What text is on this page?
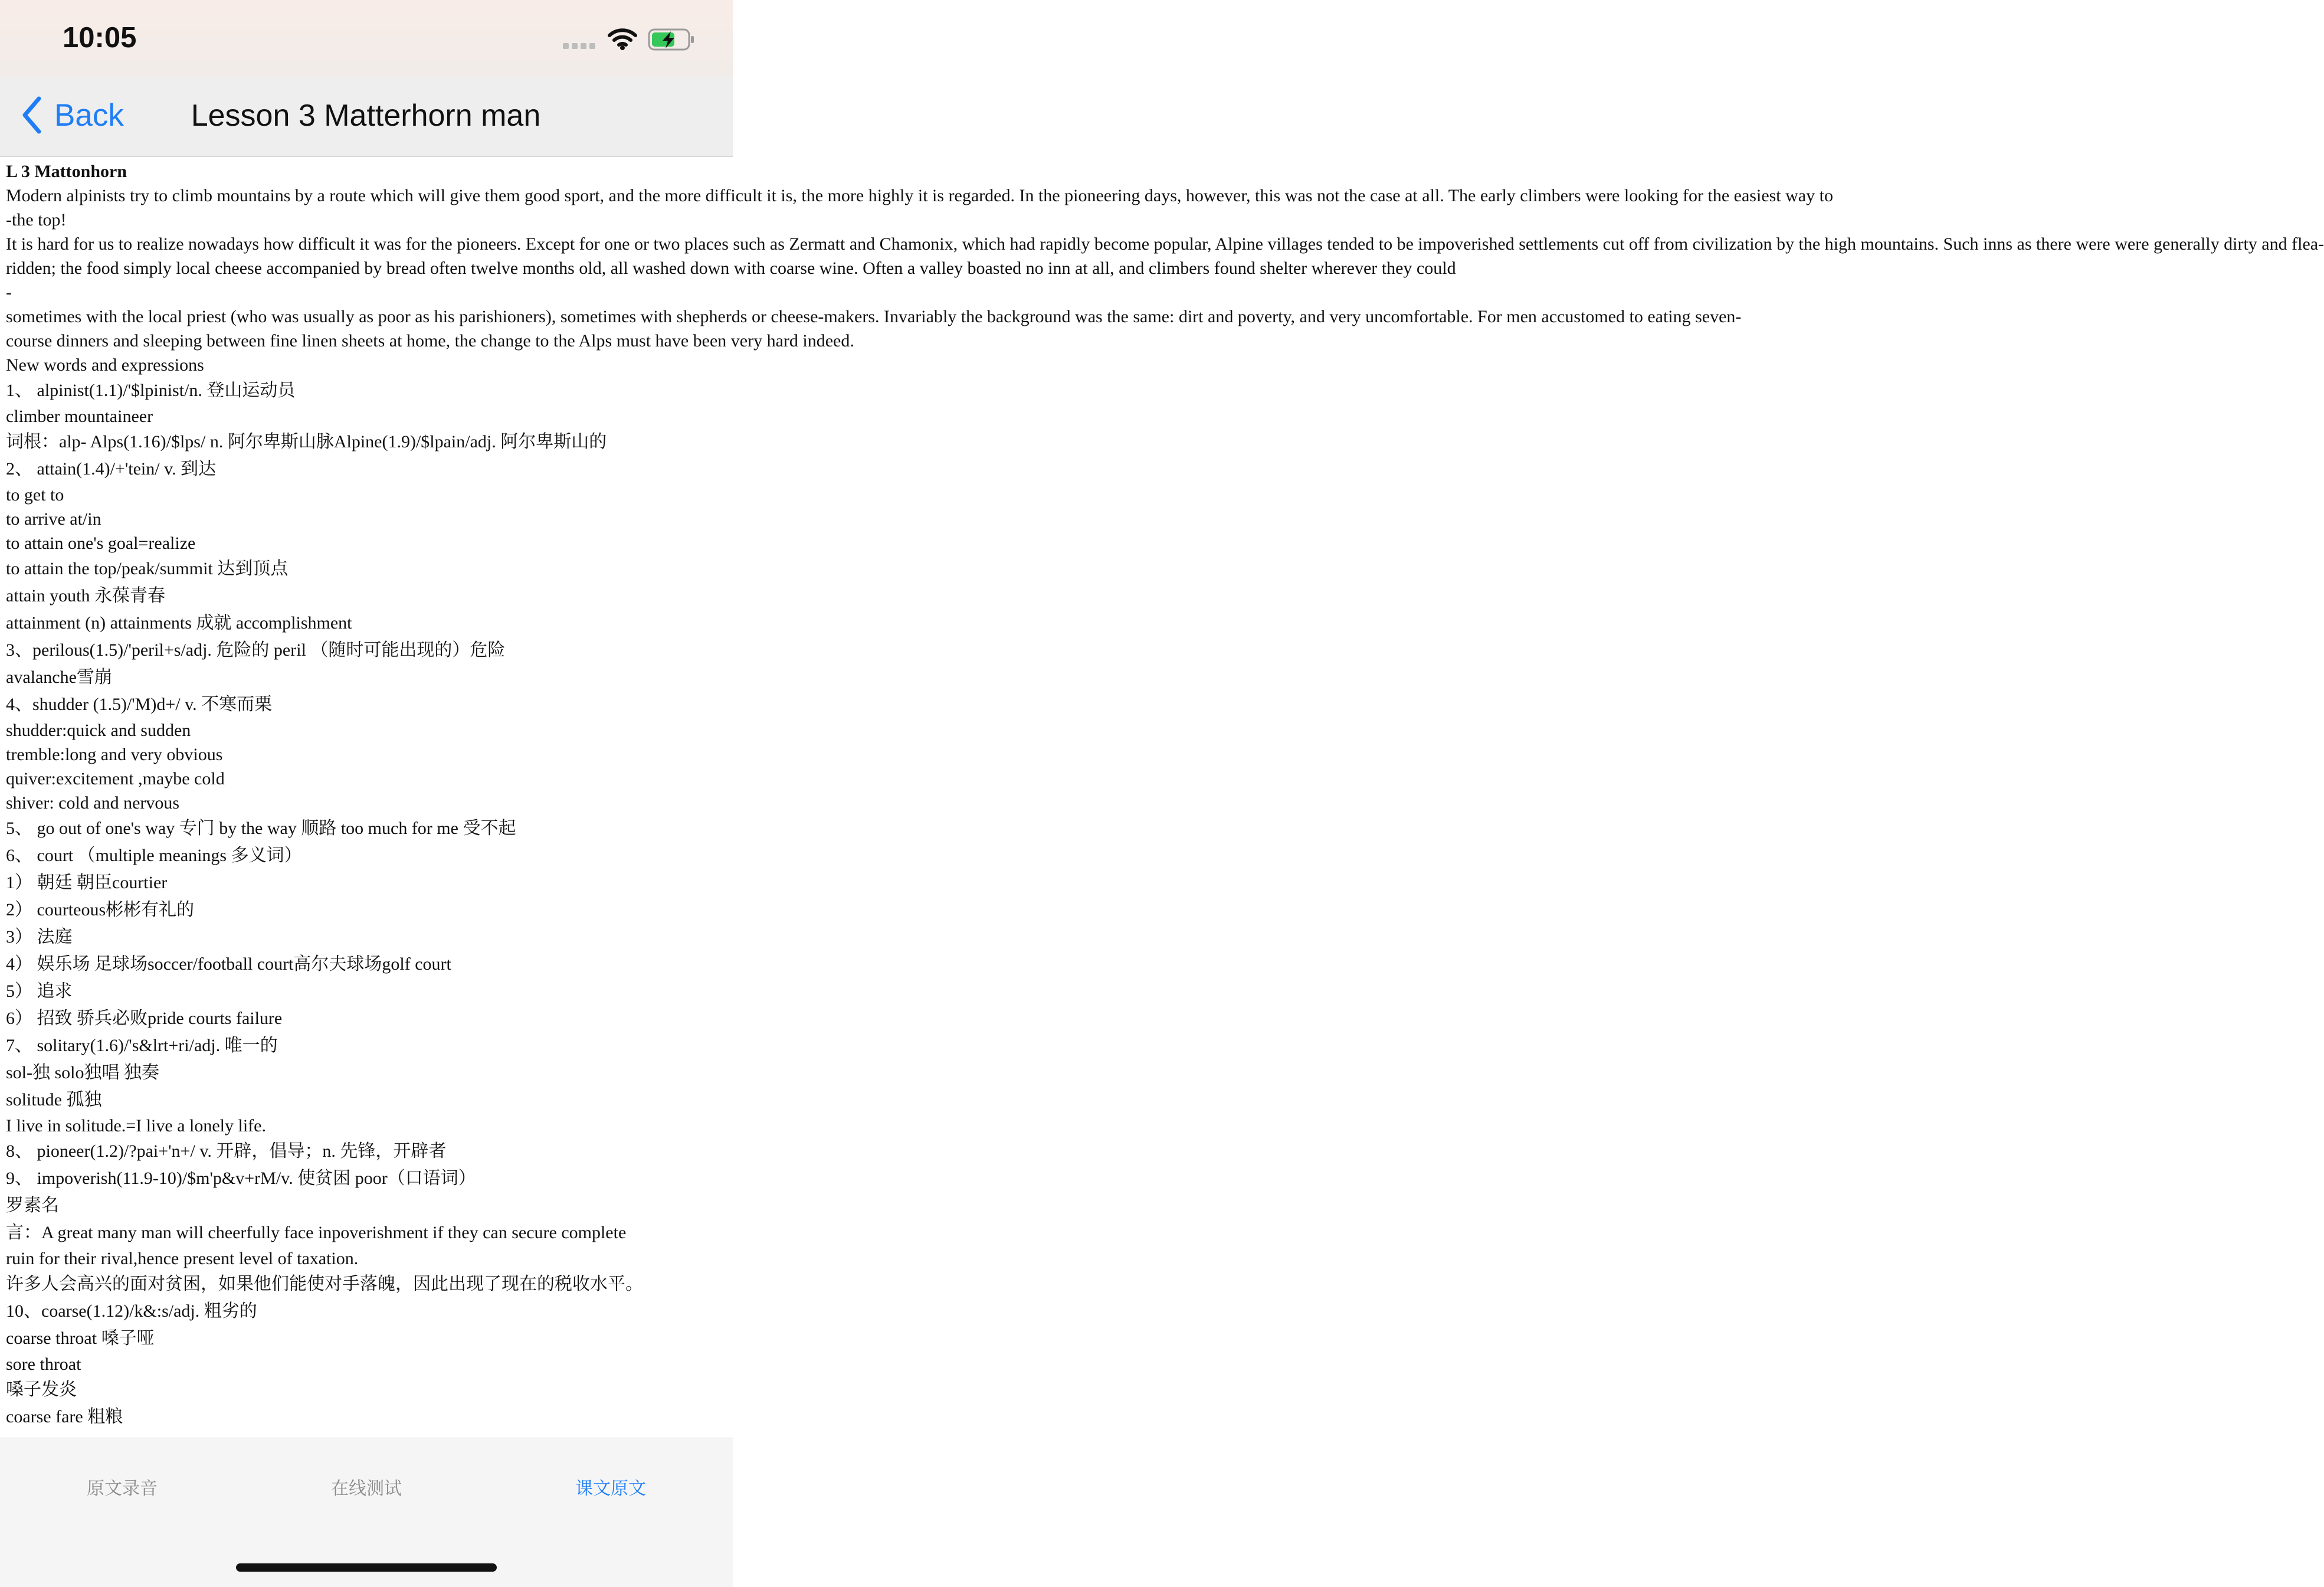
10:05
Back	Lesson 3 Matterhorn man
L 3 Mattonhorn
Modern alpinists try to climb mountains by a route which will give them good sport, and the more difficult it is, the more highly it is regarded. In the pioneering days, however, this was not the case at all. The early climbers were looking for the easiest way to
-the top!
It is hard for us to realize nowadays how difficult it was for the pioneers. Except for one or two places such as Zermatt and Chamonix, which had rapidly become popular, Alpine villages tended to be impoverished settlements cut off from civilization by the high mountains. Such inns as there were were generally dirty and flea-
ridden; the food simply local cheese accompanied by bread often twelve months old, all washed down with coarse wine. Often a valley boasted no inn at all, and climbers found shelter wherever they could
-
sometimes with the local priest (who was usually as poor as his parishioners), sometimes with shepherds or cheese-makers. Invariably the background was the same: dirt and poverty, and very uncomfortable. For men accustomed to eating seven-
course dinners and sleeping between fine linen sheets at home, the change to the Alps must have been very hard indeed.
New words and expressions
1、 alpinist(1.1)/'$lpinist/n. 登山运动员
climber mountaineer
词根：alp- Alps(1.16)/$lps/ n. 阿尔卑斯山脉Alpine(1.9)/$lpain/adj. 阿尔卑斯山的
2、 attain(1.4)/+'tein/ v. 到达
to get to
to arrive at/in
to attain one's goal=realize
to attain the top/peak/summit 达到顶点
attain youth 永葆青春
attainment (n) attainments 成就 accomplishment
3、perilous(1.5)/'peril+s/adj. 危险的 peril （随时可能出现的）危险
avalanche雪崩
4、shudder (1.5)/'M)d+/ v. 不寒而栗
shudder:quick and sudden
tremble:long and very obvious
quiver:excitement ,maybe cold
shiver: cold and nervous
5、 go out of one's way 专门 by the way 顺路 too much for me 受不起
6、 court （multiple meanings 多义词）
1） 朝廷 朝臣courtier
2） courteous彬彬有礼的
3） 法庭
4） 娱乐场 足球场soccer/football court高尔夫球场golf court
5） 追求
6） 招致 骄兵必败pride courts failure
7、 solitary(1.6)/'s&lrt+ri/adj. 唯一的
sol-独 solo独唱 独奏
solitude 孤独
I live in solitude.=I live a lonely life.
8、 pioneer(1.2)/?pai+'n+/ v. 开辟，倡导；n. 先锋，开辟者
9、 impoverish(11.9-10)/$m'p&v+rM/v. 使贫困 poor（口语词）
罗素名
言：A great many man will cheerfully face inpoverishment if they can secure complete
ruin for their rival,hence present level of taxation.
许多人会高兴的面对贫困，如果他们能使对手落魄，因此出现了现在的税收水平。
10、coarse(1.12)/k&:s/adj. 粗劣的
coarse throat 嗓子哑
sore throat
嗓子发炎
coarse fare 粗粮
原文录音	在线测试	课文原文
